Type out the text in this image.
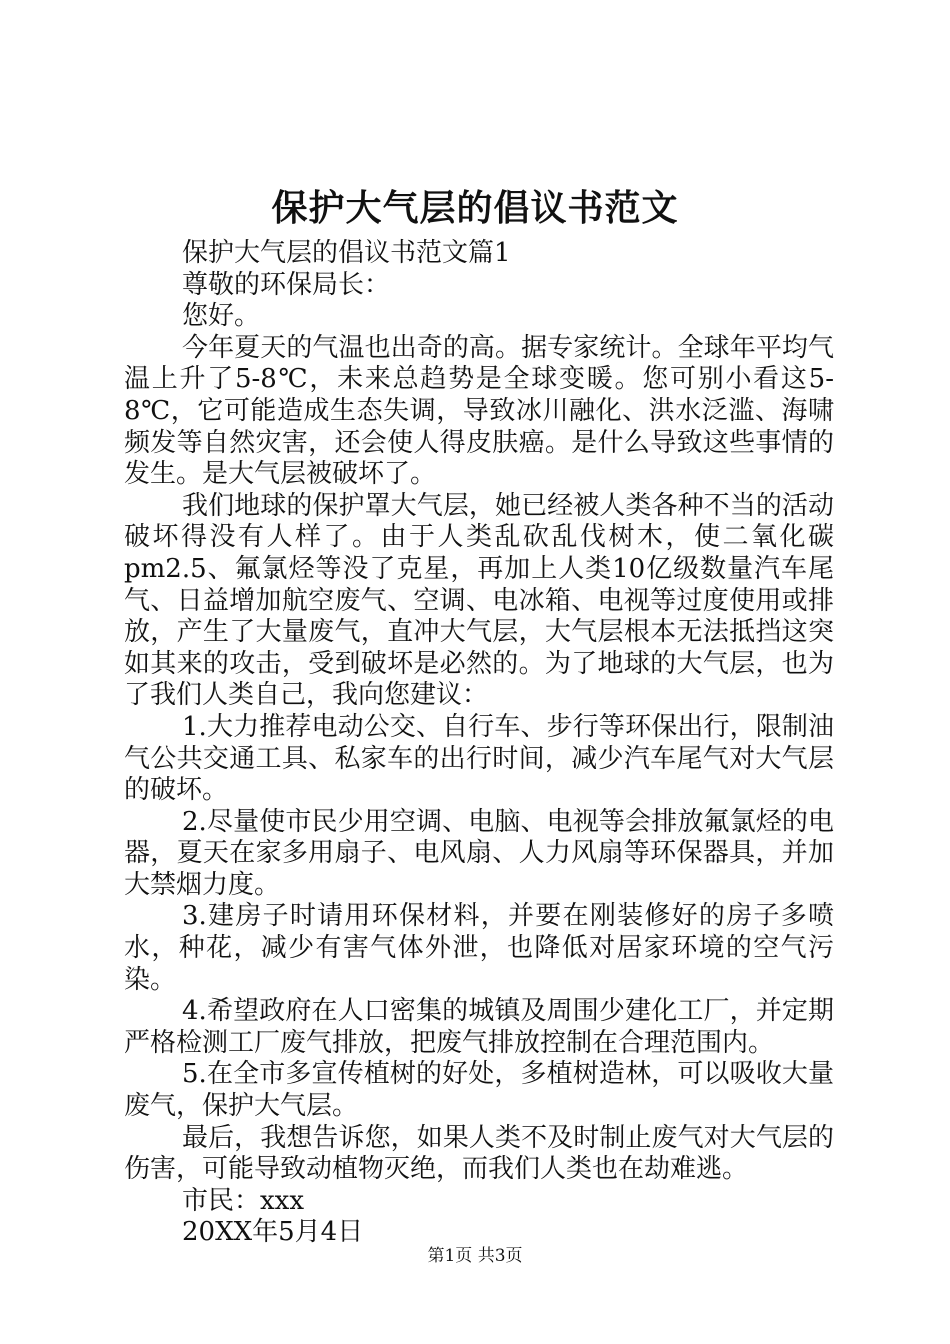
保护大气层的倡议书范文

保护大气层的倡议书范文篇1

尊敬的环保局长：

您好。

今年夏天的气温也出奇的高。据专家统计。全球年平均气温上升了5-8℃，未来总趋势是全球变暖。您可别小看这5-8℃，它可能造成生态失调，导致冰川融化、洪水泛滥、海啸频发等自然灾害，还会使人得皮肤癌。是什么导致这些事情的发生。是大气层被破坏了。

我们地球的保护罩大气层，她已经被人类各种不当的活动破坏得没有人样了。由于人类乱砍乱伐树木，使二氧化碳pm2.5、氟氯烃等没了克星，再加上人类10亿级数量汽车尾气、日益增加航空废气、空调、电冰箱、电视等过度使用或排放，产生了大量废气，直冲大气层，大气层根本无法抵挡这突如其来的攻击，受到破坏是必然的。为了地球的大气层，也为了我们人类自己，我向您建议：

1.大力推荐电动公交、自行车、步行等环保出行，限制油气公共交通工具、私家车的出行时间，减少汽车尾气对大气层的破坏。

2.尽量使市民少用空调、电脑、电视等会排放氟氯烃的电器，夏天在家多用扇子、电风扇、人力风扇等环保器具，并加大禁烟力度。

3.建房子时请用环保材料，并要在刚装修好的房子多喷水，种花，减少有害气体外泄，也降低对居家环境的空气污染。

4.希望政府在人口密集的城镇及周围少建化工厂，并定期严格检测工厂废气排放，把废气排放控制在合理范围内。

5.在全市多宣传植树的好处，多植树造林，可以吸收大量废气，保护大气层。

最后，我想告诉您，如果人类不及时制止废气对大气层的伤害，可能导致动植物灭绝，而我们人类也在劫难逃。

市民：xxx

20XX年5月4日

第1页 共3页
